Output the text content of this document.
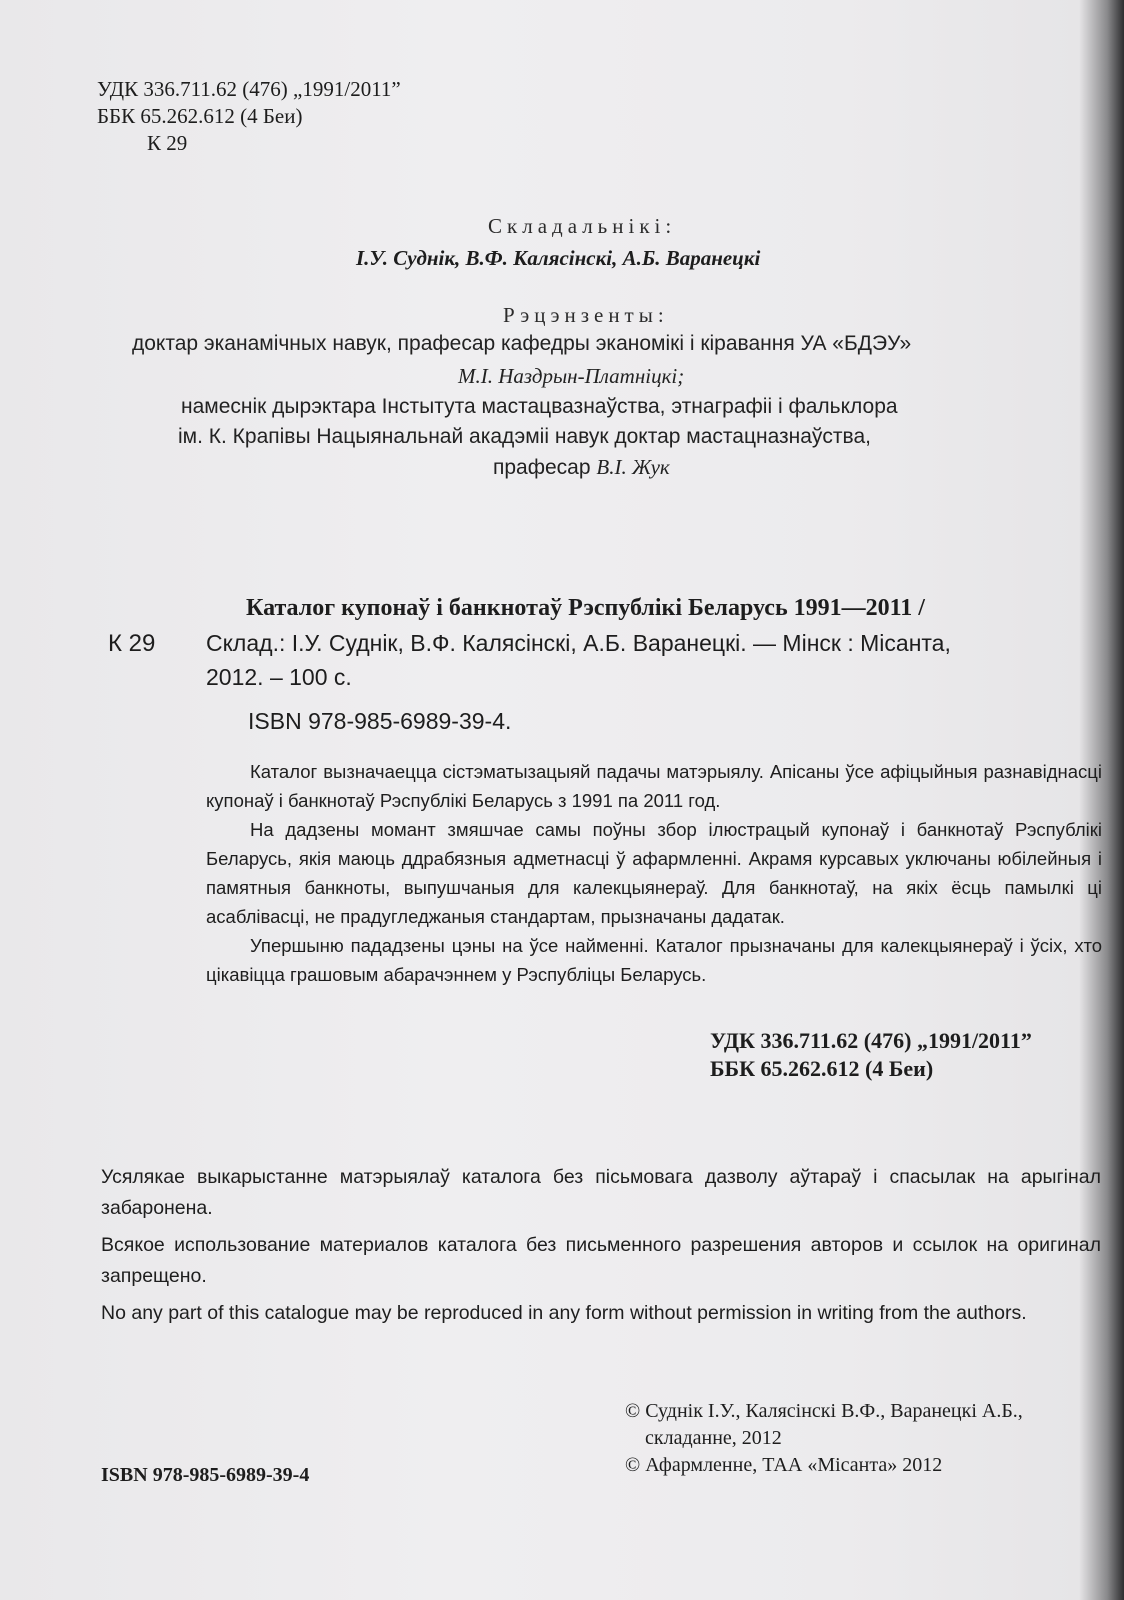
УДК 336.711.62 (476) „1991/2011”
ББК 65.262.612 (4 Беи)
К 29
Складальнікі:
І.У. Суднік, В.Ф. Калясінскі, А.Б. Варанецкі
Рэцэнзенты:
доктар эканамічных навук, прафесар кафедры эканомікі і кіравання УА «БДЭУ»
М.І. Наздрын-Платніцкі;
намеснік дырэктара Інстытута мастацвазнаўства, этнаграфіі і фальклора
ім. К. Крапівы Нацыянальнай акадэміі навук доктар мастацназнаўства,
прафесар В.І. Жук
Каталог купонаў і банкнотаў Рэспублікі Беларусь 1991—2011 /
К 29 Склад.: І.У. Суднік, В.Ф. Калясінскі, А.Б. Варанецкі. — Мінск : Місанта,
2012. – 100 с.
ISBN 978-985-6989-39-4.

Каталог вызначаецца сістэматызацыяй падачы матэрыялу. Апісаны ўсе афіцыйныя разнавіднасці купонаў і банкнотаў Рэспублікі Беларусь з 1991 па 2011 год.

На дадзены момант змяшчае самы поўны збор ілюстрацый купонаў і банкнотаў Рэспублікі Беларусь, якія маюць ддрабязныя адметнасці ў афармленні. Акрамя курсавых уключаны юбілейныя і памятныя банкноты, выпушчаныя для калекцыянераў. Для банкнотаў, на якіх ёсць памылкі ці асаблівасці, не прадугледжаныя стандартам, прызначаны дадатак.

Упершыню пададзены цэны на ўсе найменні. Каталог прызначаны для калекцыянераў і ўсіх, хто цікавіцца грашовым абарачэннем у Рэспубліцы Беларусь.

УДК 336.711.62 (476) „1991/2011”
ББК 65.262.612 (4 Беи)

Усялякае выкарыстанне матэрыялаў каталога без пісьмовага дазволу аўтараў і спасылак на арыгінал забаронена.

Всякое использование материалов каталога без письменного разрешения авторов и ссылок на оригинал запрещено.

No any part of this catalogue may be reproduced in any form without permission in writing from the authors.

© Суднік І.У., Калясінскі В.Ф., Варанецкі А.Б.,
складанне, 2012
© Афармленне, ТАА «Місанта» 2012
ISBN 978-985-6989-39-4
